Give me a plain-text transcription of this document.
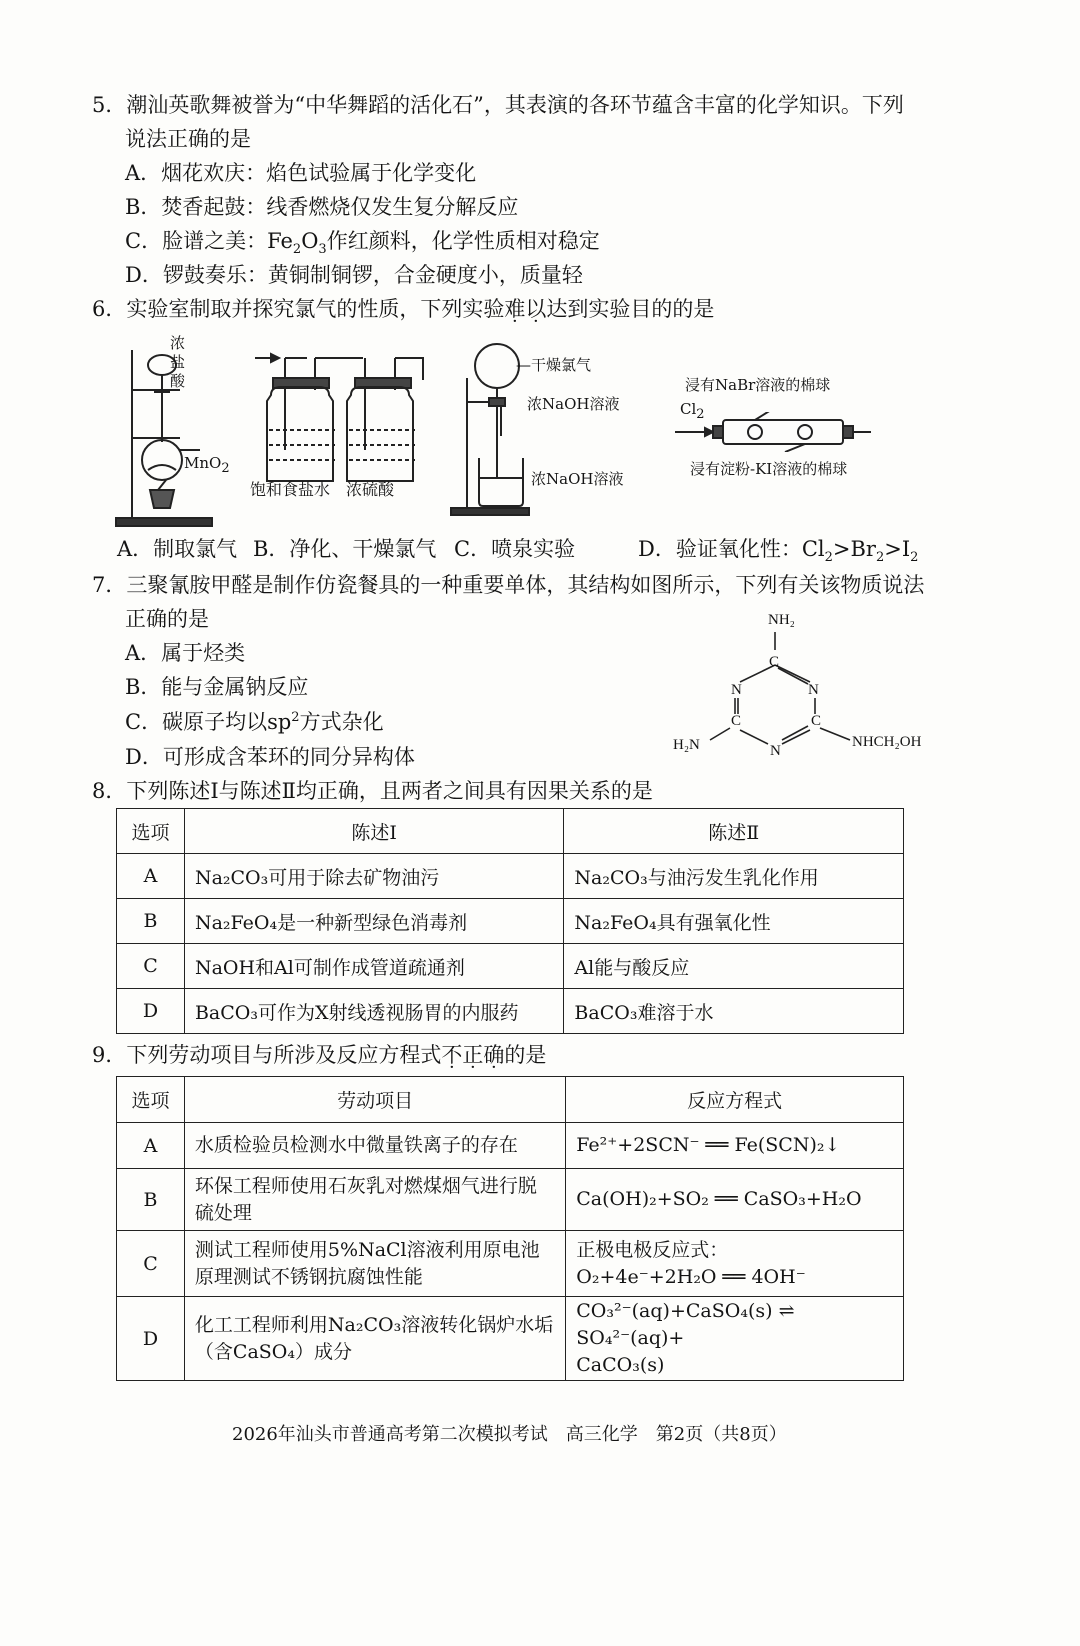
5．潮汕英歌舞被誉为“中华舞蹈的活化石”，其表演的各环节蕴含丰富的化学知识。下列
说法正确的是
A．烟花欢庆：焰色试验属于化学变化
B．焚香起鼓：线香燃烧仅发生复分解反应
C．脸谱之美：$Fe_2O_3$作红颜料，化学性质相对稳定
D．锣鼓奏乐：黄铜制铜锣，合金硬度小，质量轻
6．实验室制取并探究氯气的性质，下列实验难以达到实验目的的是
浓盐酸
MnO$_2$
饱和食盐水 浓硫酸
—干燥氯气
浓NaOH溶液
浓NaOH溶液
浸有NaBr溶液的棉球
$Cl_2$
浸有淀粉-KI溶液的棉球
A．制取氯气 B．净化、干燥氯气 C．喷泉实验	D．验证氧化性：$Cl_2>Br_2>I_2$
7．三聚氰胺甲醛是制作仿瓷餐具的一种重要单体，其结构如图所示，下列有关该物质说法
正确的是
A．属于烃类
B．能与金属钠反应
C．碳原子均以$sp^2$方式杂化
D．可形成含苯环的同分异构体
NH₂
C
N	N
C	C
N
H₂N	NHCH₂OH
8．下列陈述Ⅰ与陈述Ⅱ均正确，且两者之间具有因果关系的是
选项	陈述Ⅰ	陈述Ⅱ
A	Na₂CO₃可用于除去矿物油污	Na₂CO₃与油污发生乳化作用
B	Na₂FeO₄是一种新型绿色消毒剂	Na₂FeO₄具有强氧化性
C	NaOH和Al可制作成管道疏通剂	Al能与酸反应
D	BaCO₃可作为X射线透视肠胃的内服药	BaCO₃难溶于水
9．下列劳动项目与所涉及反应方程式不正确的是
选项	劳动项目	反应方程式
A	水质检验员检测水中微量铁离子的存在	Fe²⁺+2SCN⁻ ══ Fe(SCN)₂↓
B	环保工程师使用石灰乳对燃煤烟气进行脱硫处理	Ca(OH)₂+SO₂ ══ CaSO₃+H₂O
C	测试工程师使用5%NaCl溶液利用原电池原理测试不锈钢抗腐蚀性能	正极电极反应式：
O₂+4e⁻+2H₂O ══ 4OH⁻

D	化工工程师利用Na₂CO₃溶液转化锅炉水垢（含CaSO₄）成分	CO₃²⁻(aq)+CaSO₄(s) ⇌ SO₄²⁻(aq)+
CaCO₃(s)
2026年汕头市普通高考第二次模拟考试　高三化学　第2页（共8页）
